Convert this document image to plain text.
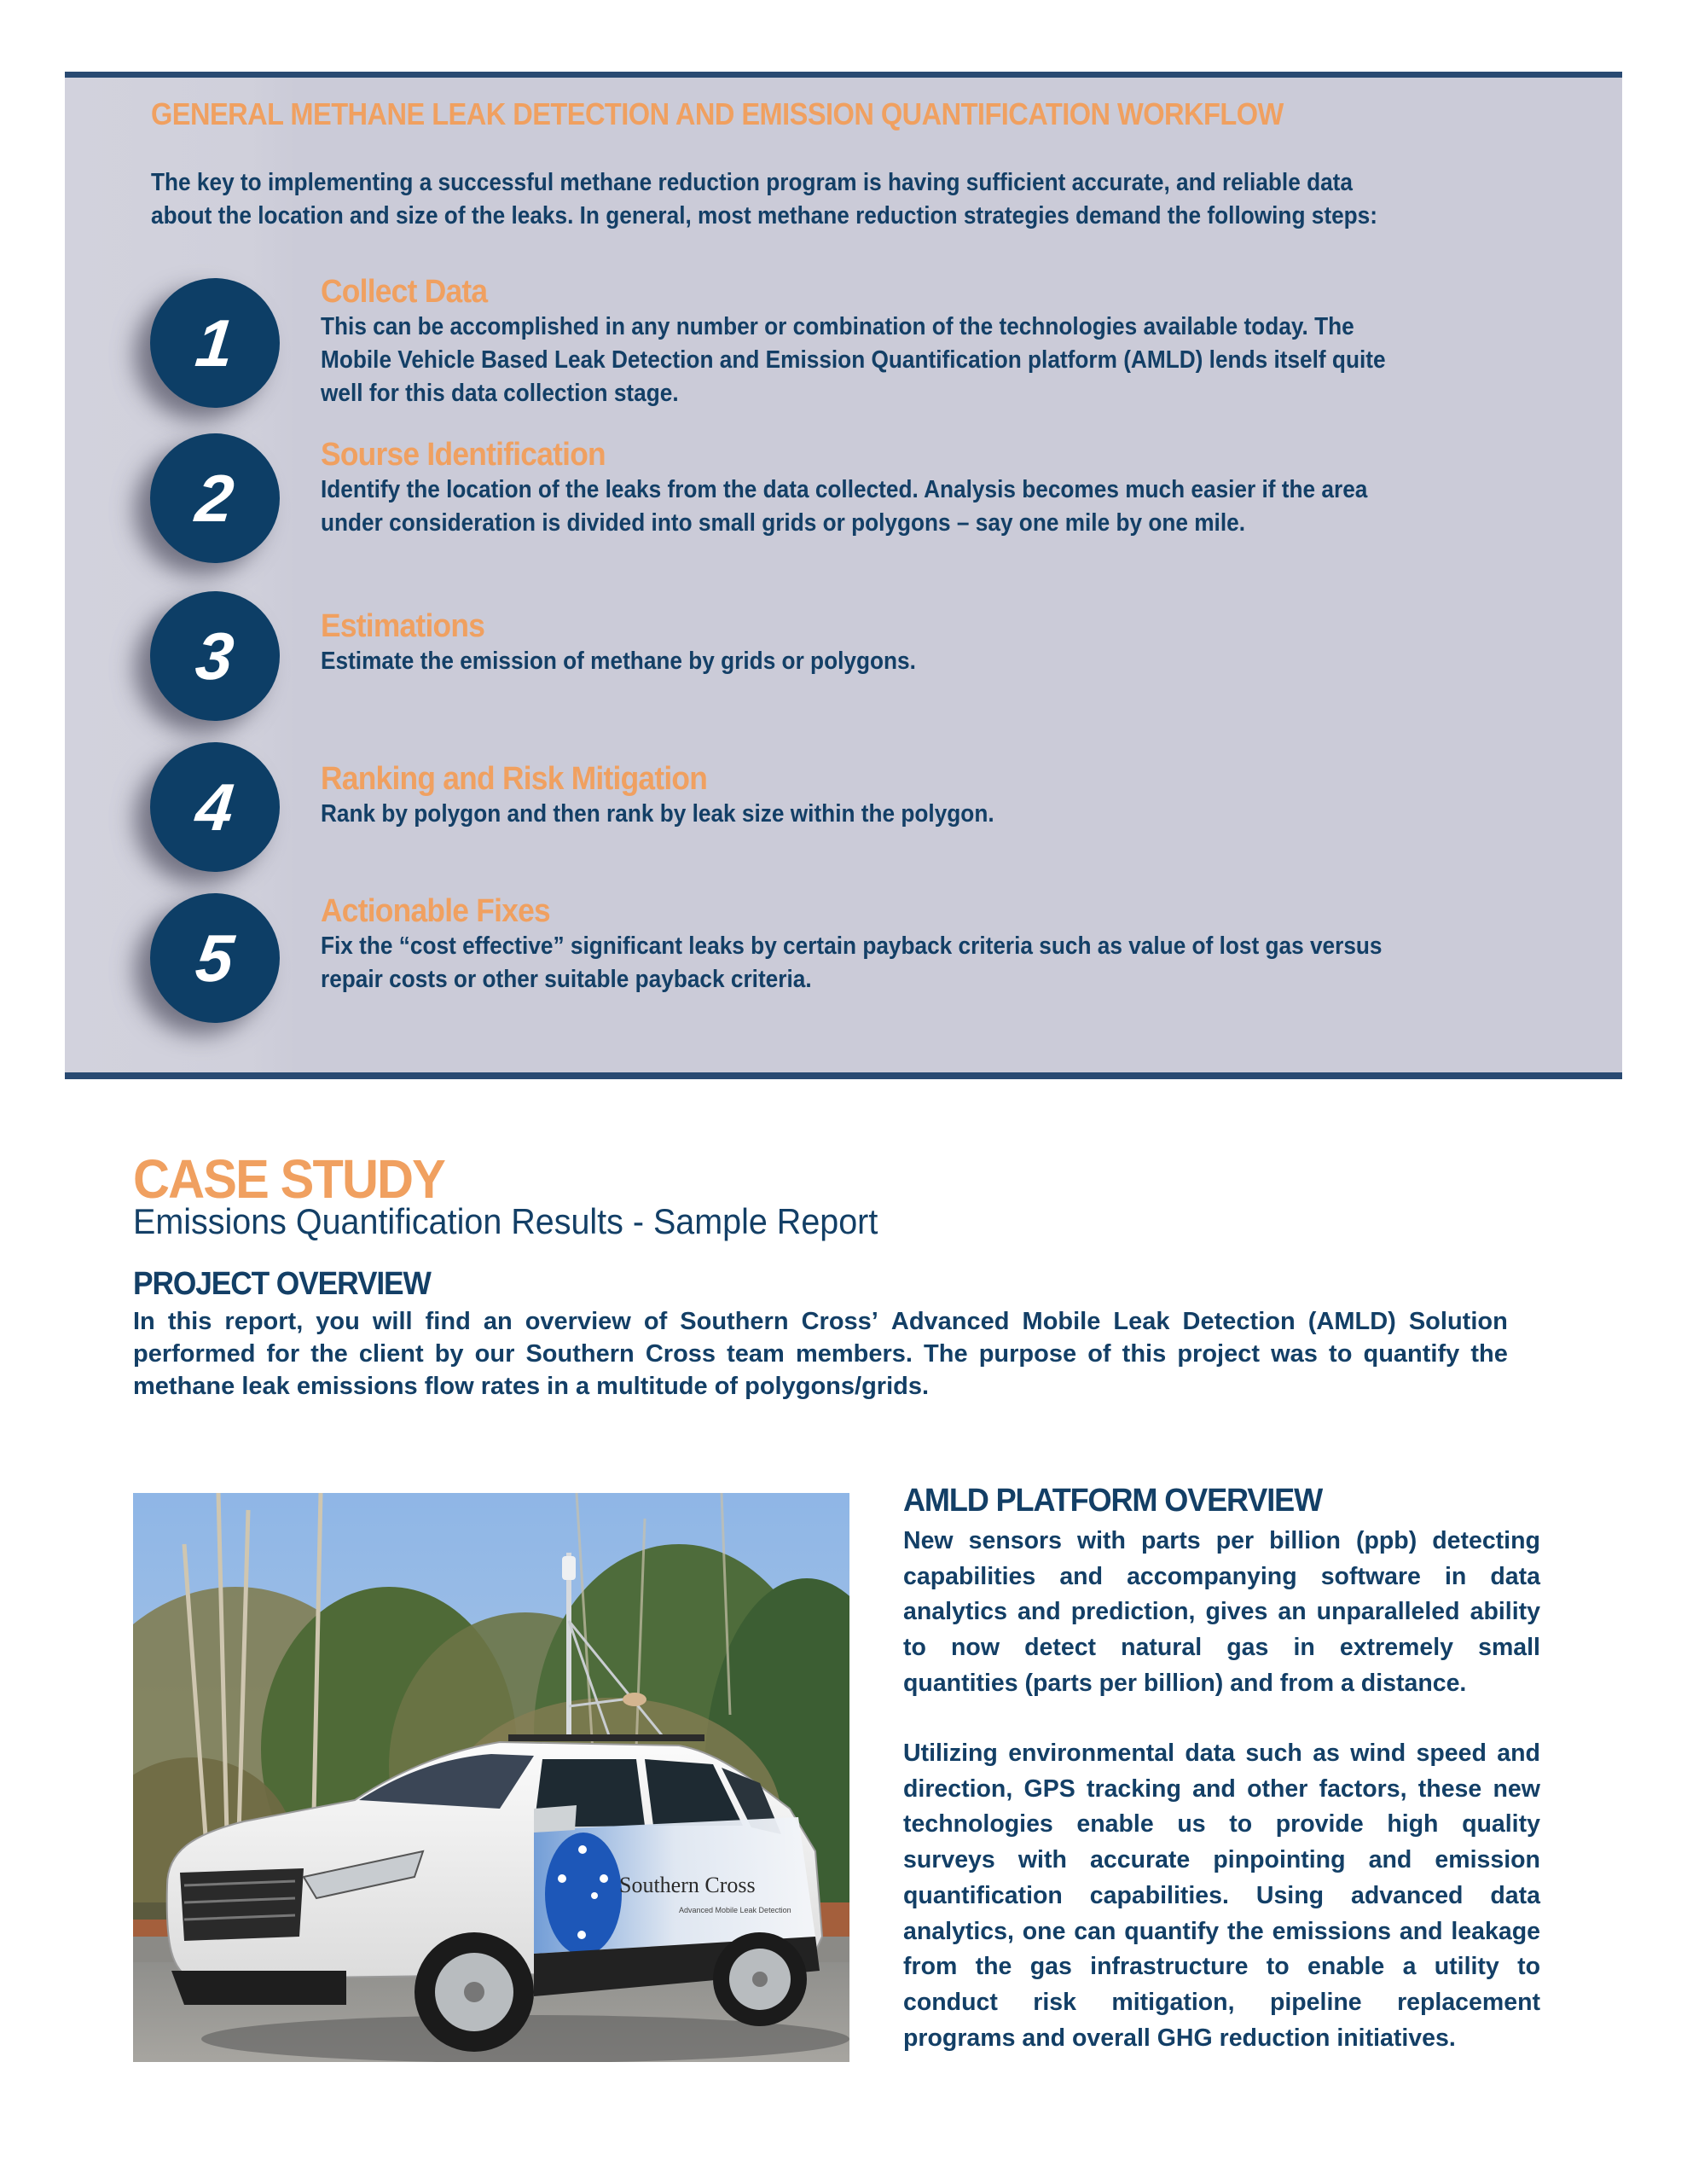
GENERAL METHANE LEAK DETECTION AND EMISSION QUANTIFICATION WORKFLOW
The key to implementing a successful methane reduction program is having sufficient accurate, and reliable data
about the location and size of the leaks. In general, most methane reduction strategies demand the following steps:
1
Collect Data
This can be accomplished in any number or combination of the technologies available today. The
Mobile Vehicle Based Leak Detection and Emission Quantification platform (AMLD) lends itself quite
well for this data collection stage.
2
Sourse Identification
Identify the location of the leaks from the data collected. Analysis becomes much easier if the area
under consideration is divided into small grids or polygons – say one mile by one mile.
3	Estimations
Estimate the emission of methane by grids or polygons.
4	Ranking and Risk Mitigation
Rank by polygon and then rank by leak size within the polygon.
5
Actionable Fixes
Fix the “cost effective” significant leaks by certain payback criteria such as value of lost gas versus
repair costs or other suitable payback criteria.
CASE STUDY
Emissions Quantification Results - Sample Report
PROJECT OVERVIEW
In this report, you will find an overview of Southern Cross’ Advanced Mobile Leak Detection (AMLD) Solution
performed for the client by our Southern Cross team members. The purpose of this project was to quantify the
methane leak emissions flow rates in a multitude of polygons/grids.
Southern Cross
Advanced Mobile Leak Detection
AMLD PLATFORM OVERVIEW
New sensors with parts per billion (ppb) detecting
capabilities and accompanying software in data
analytics and prediction, gives an unparalleled ability
to now detect natural gas in extremely small
quantities (parts per billion) and from a distance.
Utilizing environmental data such as wind speed and
direction, GPS tracking and other factors, these new
technologies enable us to provide high quality
surveys with accurate pinpointing and emission
quantification capabilities. Using advanced data
analytics, one can quantify the emissions and leakage
from the gas infrastructure to enable a utility to
conduct risk mitigation, pipeline replacement
programs and overall GHG reduction initiatives.
